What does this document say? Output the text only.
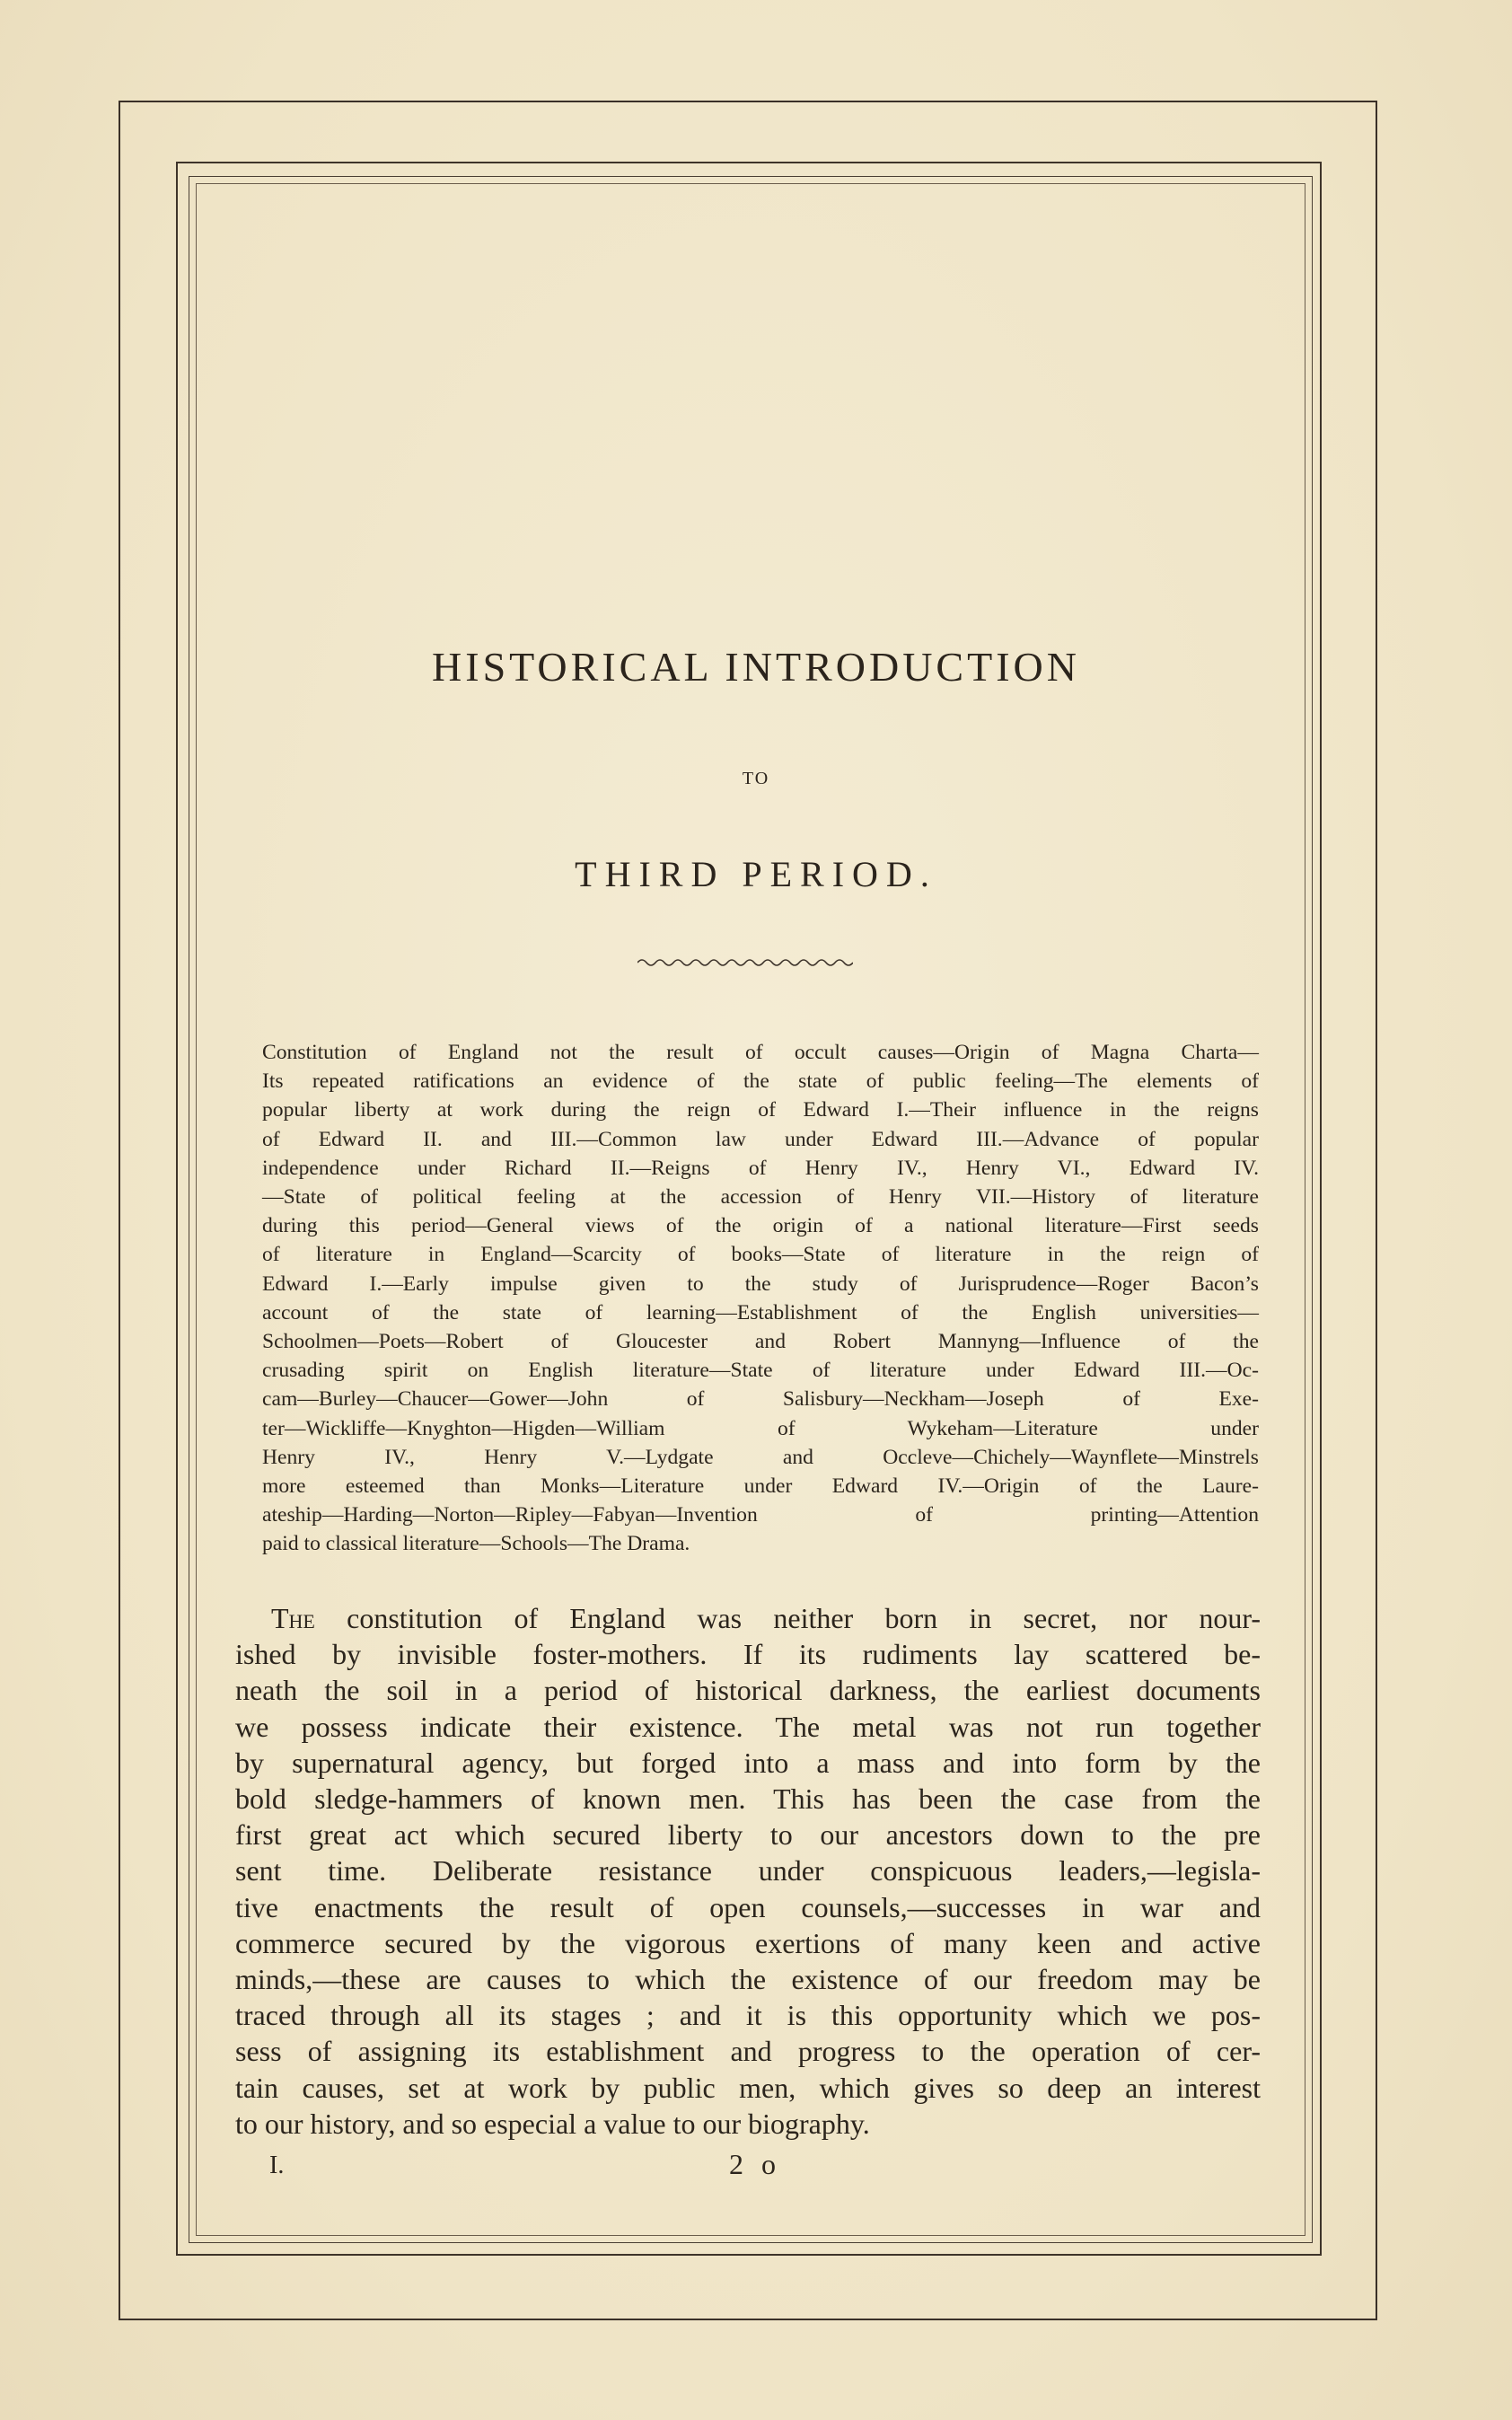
HISTORICAL INTRODUCTION
TO
THIRD PERIOD.
Constitution of England not the result of occult causes—Origin of Magna Charta—
Its repeated ratifications an evidence of the state of public feeling—The elements of
popular liberty at work during the reign of Edward I.—Their influence in the reigns
of Edward II. and III.—Common law under Edward III.—Advance of popular
independence under Richard II.—Reigns of Henry IV., Henry VI., Edward IV.
—State of political feeling at the accession of Henry VII.—History of literature
during this period—General views of the origin of a national literature—First seeds
of literature in England—Scarcity of books—State of literature in the reign of
Edward I.—Early impulse given to the study of Jurisprudence—Roger Bacon’s
account of the state of learning—Establishment of the English universities—
Schoolmen—Poets—Robert of Gloucester and Robert Mannyng—Influence of the
crusading spirit on English literature—State of literature under Edward III.—Oc-
cam—Burley—Chaucer—Gower—John of Salisbury—Neckham—Joseph of Exe-
ter—Wickliffe—Knyghton—Higden—William of Wykeham—Literature under
Henry IV., Henry V.—Lydgate and Occleve—Chichely—Waynflete—Minstrels
more esteemed than Monks—Literature under Edward IV.—Origin of the Laure-
ateship—Harding—Norton—Ripley—Fabyan—Invention of printing—Attention
paid to classical literature—Schools—The Drama.
The constitution of England was neither born in secret, nor nour-
ished by invisible foster-mothers. If its rudiments lay scattered be-
neath the soil in a period of historical darkness, the earliest documents
we possess indicate their existence. The metal was not run together
by supernatural agency, but forged into a mass and into form by the
bold sledge-hammers of known men. This has been the case from the
first great act which secured liberty to our ancestors down to the pre
sent time. Deliberate resistance under conspicuous leaders,—legisla-
tive enactments the result of open counsels,—successes in war and
commerce secured by the vigorous exertions of many keen and active
minds,—these are causes to which the existence of our freedom may be
traced through all its stages ; and it is this opportunity which we pos-
sess of assigning its establishment and progress to the operation of cer-
tain causes, set at work by public men, which gives so deep an interest
to our history, and so especial a value to our biography.
I.	2 o
